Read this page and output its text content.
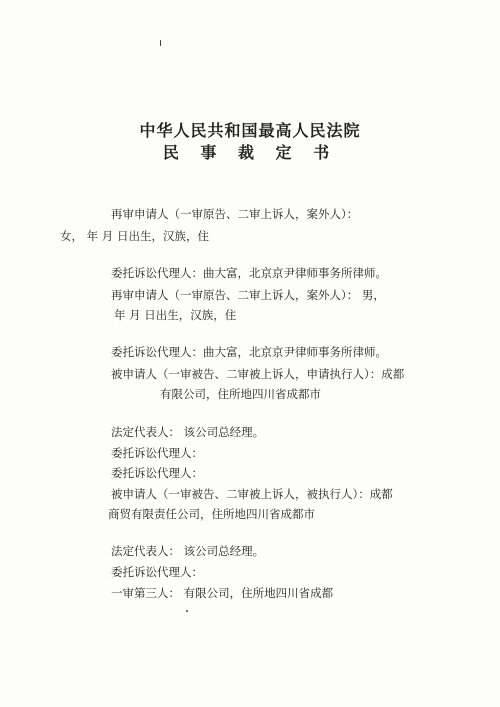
中华人民共和国最高人民法院
民 事 裁 定 书
再审申请人（一审原告、二审上诉人，案外人）：
女， 年 月 日出生，汉族，住
委托诉讼代理人：曲大富，北京京尹律师事务所律师。
再审申请人（一审原告、二审上诉人，案外人）： 男，
年 月 日出生，汉族，住
委托诉讼代理人：曲大富，北京京尹律师事务所律师。
被申请人（一审被告、二审被上诉人，申请执行人）：成都
有限公司，住所地四川省成都市
法定代表人： 该公司总经理。
委托诉讼代理人：
委托诉讼代理人：
被申请人（一审被告、二审被上诉人，被执行人）：成都
商贸有限责任公司，住所地四川省成都市
法定代表人： 该公司总经理。
委托诉讼代理人：
一审第三人： 有限公司，住所地四川省成都
